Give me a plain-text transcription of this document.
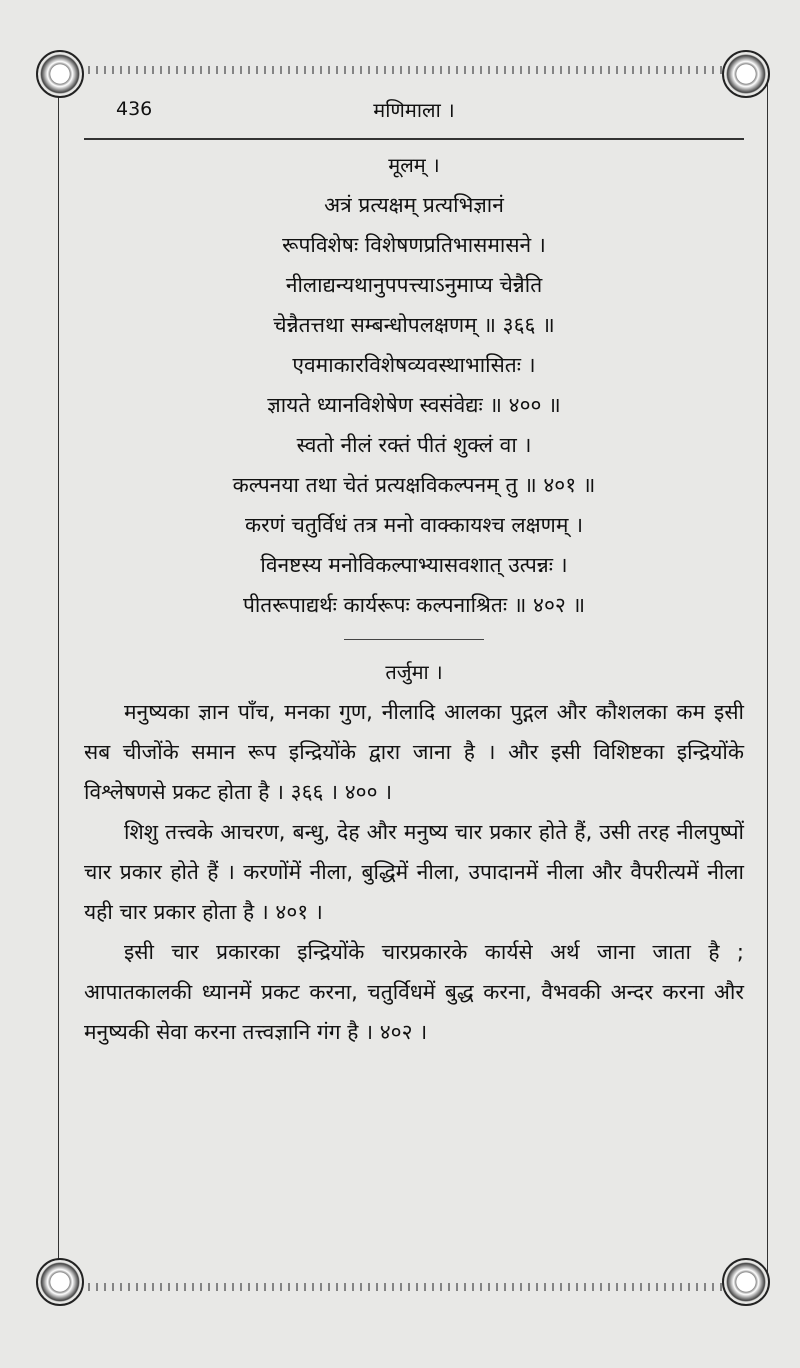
436	मणिमाला ।
मूलम् ।
अत्रं प्रत्यक्षम् प्रत्यभिज्ञानं
रूपविशेषः विशेषणप्रतिभासमासने ।
नीलाद्यन्यथानुपपत्त्याऽनुमाप्य चेन्नैति
चेन्नैतत्तथा सम्बन्धोपलक्षणम् ॥ ३६६ ॥
एवमाकारविशेषव्यवस्थाभासितः ।
ज्ञायते ध्यानविशेषेण स्वसंवेद्यः ॥ ४०० ॥
स्वतो नीलं रक्तं पीतं शुक्लं वा ।
कल्पनया तथा चेतं प्रत्यक्षविकल्पनम् तु ॥ ४०१ ॥
करणं चतुर्विधं तत्र मनो वाक्कायश्च लक्षणम् ।
विनष्टस्य मनोविकल्पाभ्यासवशात् उत्पन्नः ।
पीतरूपाद्यर्थः कार्यरूपः कल्पनाश्रितः ॥ ४०२ ॥
तर्जुमा ।

मनुष्यका ज्ञान पाँच, मनका गुण, नीलादि आलका पुद्गल और कौशलका कम इसी सब चीजोंके समान रूप इन्द्रियोंके द्वारा जाना है । और इसी विशिष्टका इन्द्रियोंके विश्लेषणसे प्रकट होता है । ३६६ । ४०० ।

शिशु तत्त्वके आचरण, बन्धु, देह और मनुष्य चार प्रकार होते हैं, उसी तरह नीलपुष्पों चार प्रकार होते हैं । करणोंमें नीला, बुद्धिमें नीला, उपादानमें नीला और वैपरीत्यमें नीला यही चार प्रकार होता है । ४०१ ।

इसी चार प्रकारका इन्द्रियोंके चारप्रकारके कार्यसे अर्थ जाना जाता है ; आपातकालकी ध्यानमें प्रकट करना, चतुर्विधमें बुद्ध करना, वैभवकी अन्दर करना और मनुष्यकी सेवा करना तत्त्वज्ञानि गंग है । ४०२ ।
